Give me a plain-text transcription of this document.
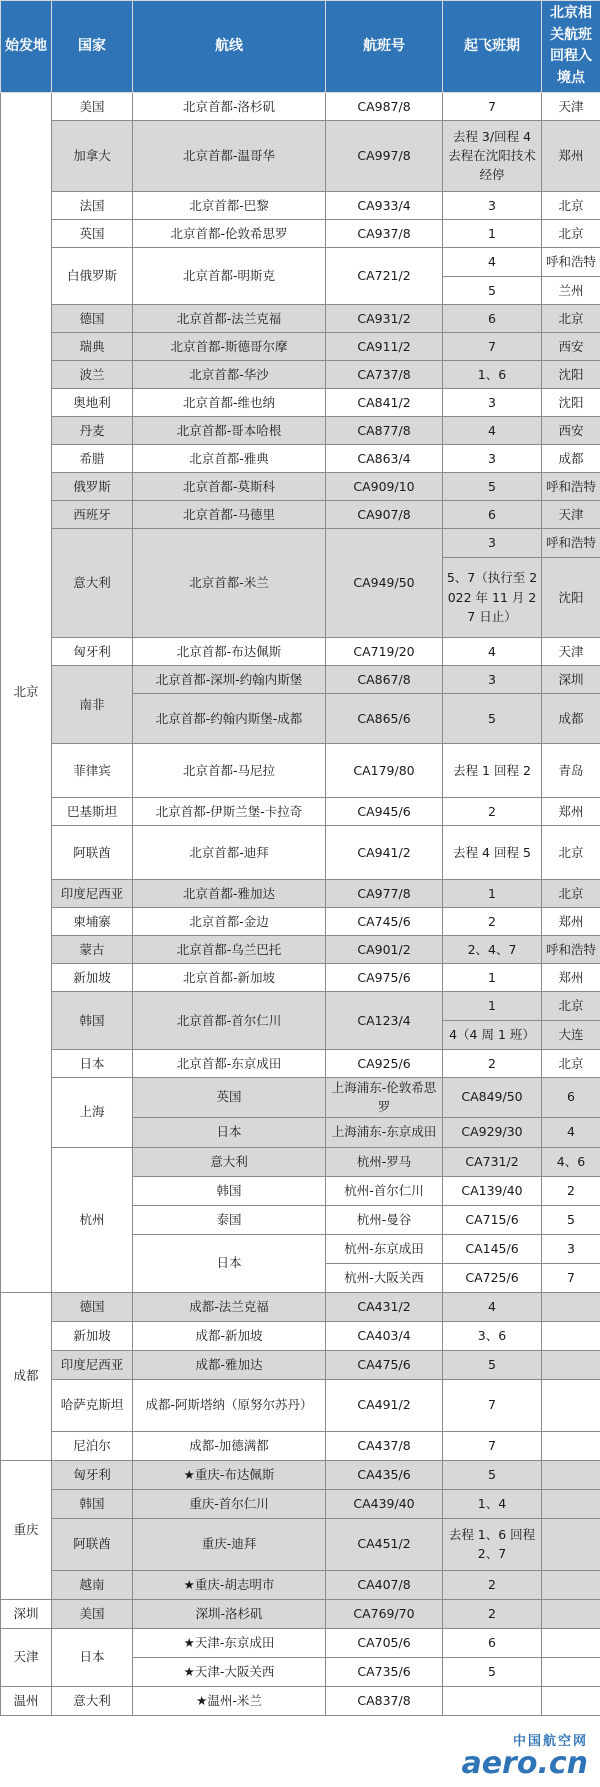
始发地	国家	航线	航班号	起飞班期	北京相关航班回程入境点	
北京	美国	北京首都-洛杉矶	CA987/8	7	天津	
	加拿大	北京首都-温哥华	CA997/8	去程 3/回程 4 去程在沈阳技术经停	郑州	
	法国	北京首都-巴黎	CA933/4	3	北京	
	英国	北京首都-伦敦希思罗	CA937/8	1	北京	
	白俄罗斯	北京首都-明斯克	CA721/2	4	呼和浩特	
				5	兰州	
	德国	北京首都-法兰克福	CA931/2	6	北京	
	瑞典	北京首都-斯德哥尔摩	CA911/2	7	西安	
	波兰	北京首都-华沙	CA737/8	1、6	沈阳	
	奥地利	北京首都-维也纳	CA841/2	3	沈阳	
	丹麦	北京首都-哥本哈根	CA877/8	4	西安	
	希腊	北京首都-雅典	CA863/4	3	成都	
	俄罗斯	北京首都-莫斯科	CA909/10	5	呼和浩特	
	西班牙	北京首都-马德里	CA907/8	6	天津	
	意大利	北京首都-米兰	CA949/50	3	呼和浩特	
				5、7（执行至 2022 年 11 月 27 日止）	沈阳	
	匈牙利	北京首都-布达佩斯	CA719/20	4	天津	
	南非	北京首都-深圳-约翰内斯堡	CA867/8	3	深圳	
		北京首都-约翰内斯堡-成都	CA865/6	5	成都	
	菲律宾	北京首都-马尼拉	CA179/80	去程 1 回程 2	青岛	
	巴基斯坦	北京首都-伊斯兰堡-卡拉奇	CA945/6	2	郑州	
	阿联酋	北京首都-迪拜	CA941/2	去程 4 回程 5	北京	
	印度尼西亚	北京首都-雅加达	CA977/8	1	北京	
	柬埔寨	北京首都-金边	CA745/6	2	郑州	
	蒙古	北京首都-乌兰巴托	CA901/2	2、4、7	呼和浩特	
	新加坡	北京首都-新加坡	CA975/6	1	郑州	
	韩国	北京首都-首尔仁川	CA123/4	1	北京	
				4（4 周 1 班）	大连	
	日本	北京首都-东京成田	CA925/6	2	北京	
	上海	英国	上海浦东-伦敦希思罗	CA849/50	6	
		日本	上海浦东-东京成田	CA929/30	4	
	杭州	意大利	杭州-罗马	CA731/2	4、6	
		韩国	杭州-首尔仁川	CA139/40	2	
		泰国	杭州-曼谷	CA715/6	5	
		日本	杭州-东京成田	CA145/6	3	
			杭州-大阪关西	CA725/6	7	
成都	德国	成都-法兰克福	CA431/2	4		
	新加坡	成都-新加坡	CA403/4	3、6		
	印度尼西亚	成都-雅加达	CA475/6	5		
	哈萨克斯坦	成都-阿斯塔纳（原努尔苏丹）	CA491/2	7		
	尼泊尔	成都-加德满都	CA437/8	7		
重庆	匈牙利	★重庆-布达佩斯	CA435/6	5		
	韩国	重庆-首尔仁川	CA439/40	1、4		
	阿联酋	重庆-迪拜	CA451/2	去程 1、6 回程 2、7		
	越南	★重庆-胡志明市	CA407/8	2		
深圳	美国	深圳-洛杉矶	CA769/70	2		
天津	日本	★天津-东京成田	CA705/6	6		
		★天津-大阪关西	CA735/6	5		
温州	意大利	★温州-米兰	CA837/8			
中国航空网
aero.cn
